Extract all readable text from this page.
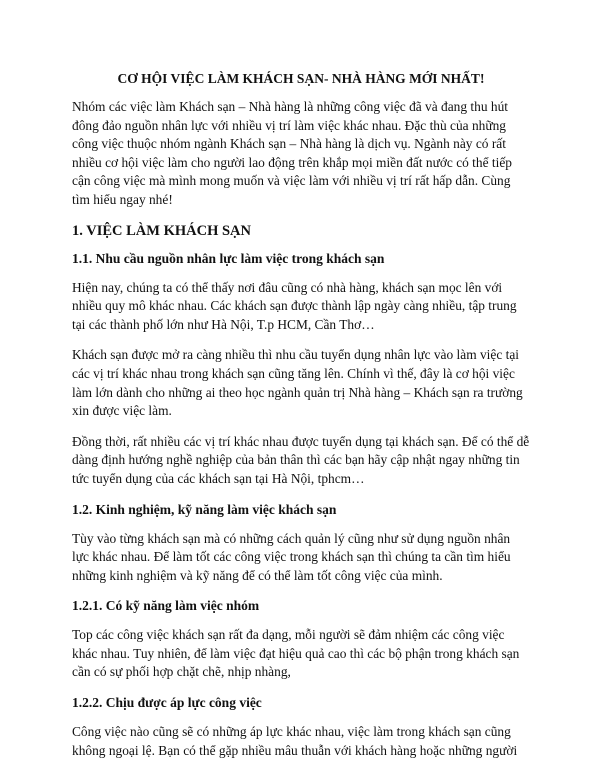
CƠ HỘI VIỆC LÀM KHÁCH SẠN- NHÀ HÀNG MỚI NHẤT!

Nhóm các việc làm Khách sạn – Nhà hàng là những công việc đã và đang thu hút đông đảo nguồn nhân lực với nhiều vị trí làm việc khác nhau. Đặc thù của những công việc thuộc nhóm ngành Khách sạn – Nhà hàng là dịch vụ. Ngành này có rất nhiều cơ hội việc làm cho người lao động trên khắp mọi miền đất nước có thể tiếp cận công việc mà mình mong muốn và việc làm với nhiều vị trí rất hấp dẫn. Cùng tìm hiểu ngay nhé!

1. VIỆC LÀM KHÁCH SẠN
1.1. Nhu cầu nguồn nhân lực làm việc trong khách sạn

Hiện nay, chúng ta có thể thấy nơi đâu cũng có nhà hàng, khách sạn mọc lên với nhiều quy mô khác nhau. Các khách sạn được thành lập ngày càng nhiều, tập trung tại các thành phố lớn như Hà Nội, T.p HCM, Cần Thơ…

Khách sạn được mở ra càng nhiều thì nhu cầu tuyển dụng nhân lực vào làm việc tại các vị trí khác nhau trong khách sạn cũng tăng lên. Chính vì thế, đây là cơ hội việc làm lớn dành cho những ai theo học ngành quản trị Nhà hàng – Khách sạn ra trường xin được việc làm.

Đồng thời, rất nhiều các vị trí khác nhau được tuyển dụng tại khách sạn. Để có thể dễ dàng định hướng nghề nghiệp của bản thân thì các bạn hãy cập nhật ngay những tin tức tuyển dụng của các khách sạn tại Hà Nội, tphcm…

1.2. Kinh nghiệm, kỹ năng làm việc khách sạn

Tùy vào từng khách sạn mà có những cách quản lý cũng như sử dụng nguồn nhân lực khác nhau. Để làm tốt các công việc trong khách sạn thì chúng ta cần tìm hiểu những kinh nghiệm và kỹ năng để có thể làm tốt công việc của mình.

1.2.1. Có kỹ năng làm việc nhóm

Top các công việc khách sạn rất đa dạng, mỗi người sẽ đảm nhiệm các công việc khác nhau. Tuy nhiên, để làm việc đạt hiệu quả cao thì các bộ phận trong khách sạn cần có sự phối hợp chặt chẽ, nhịp nhàng,

1.2.2. Chịu được áp lực công việc

Công việc nào cũng sẽ có những áp lực khác nhau, việc làm trong khách sạn cũng không ngoại lệ. Bạn có thể gặp nhiều mâu thuẫn với khách hàng hoặc những người
